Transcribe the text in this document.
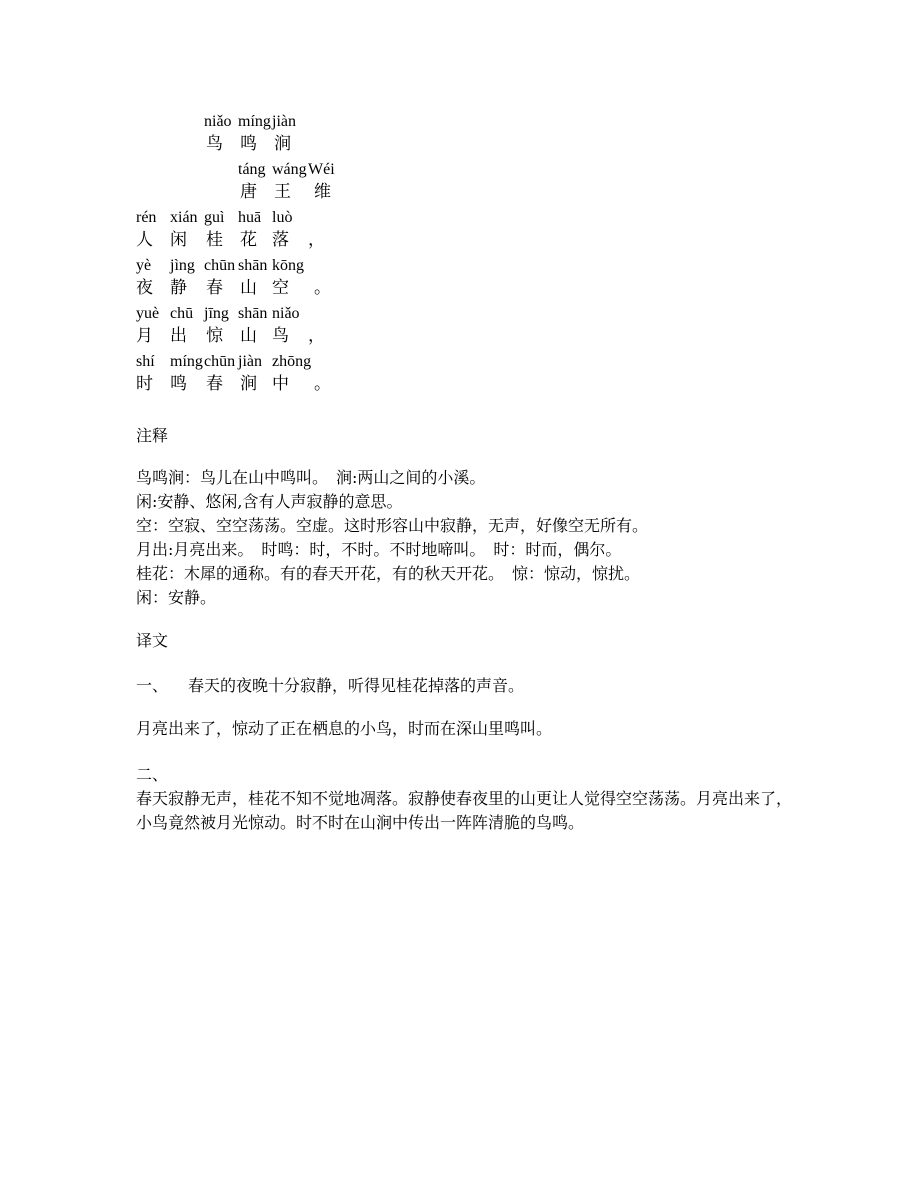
niǎo
鸟
míng
鸣
jiàn
涧
táng
唐
wáng
王
Wéi
维
rén
人
xián
闲
guì
桂
huā
花
luò
落 ，
yè
夜
jìng
静
chūn
春
shān
山
kōng
空 。
yuè
月
chū
出
jīng
惊
shān
山
niǎo
鸟 ，
shí
时
míng
鸣
chūn
春
jiàn
涧
zhōng
中 。
注释
鸟鸣涧：鸟儿在山中鸣叫。　涧:两山之间的小溪。
闲:安静、悠闲,含有人声寂静的意思。
空：空寂、空空荡荡。空虚。这时形容山中寂静，无声，好像空无所有。
月出:月亮出来。　时鸣：时，不时。不时地啼叫。　时：时而，偶尔。
桂花：木犀的通称。有的春天开花，有的秋天开花。　惊：惊动，惊扰。
闲：安静。
译文
一、 春天的夜晚十分寂静，听得见桂花掉落的声音。
月亮出来了，惊动了正在栖息的小鸟，时而在深山里鸣叫。
二、
春天寂静无声，桂花不知不觉地凋落。寂静使春夜里的山更让人觉得空空荡荡。月亮出来了，小鸟竟然被月光惊动。时不时在山涧中传出一阵阵清脆的鸟鸣。
